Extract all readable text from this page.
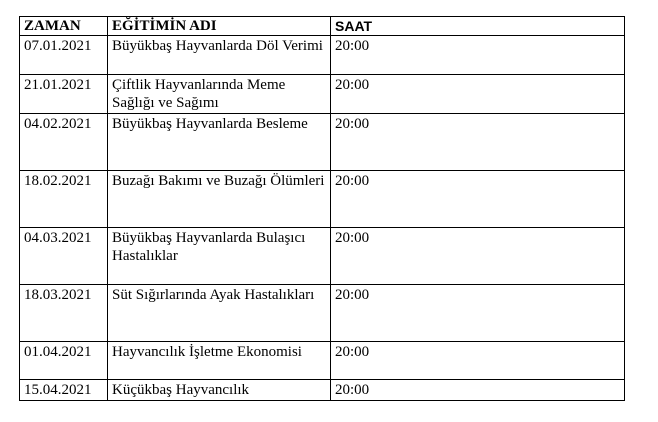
ZAMAN	EĞİTİMİN ADI	SAAT
07.01.2021	Büyükbaş Hayvanlarda Döl Verimi	20:00
21.01.2021	Çiftlik Hayvanlarında Meme Sağlığı ve Sağımı	20:00
04.02.2021	Büyükbaş Hayvanlarda Besleme	20:00
18.02.2021	Buzağı Bakımı ve Buzağı Ölümleri	20:00
04.03.2021	Büyükbaş Hayvanlarda Bulaşıcı Hastalıklar	20:00
18.03.2021	Süt Sığırlarında Ayak Hastalıkları	20:00
01.04.2021	Hayvancılık İşletme Ekonomisi	20:00
15.04.2021	Küçükbaş Hayvancılık	20:00
